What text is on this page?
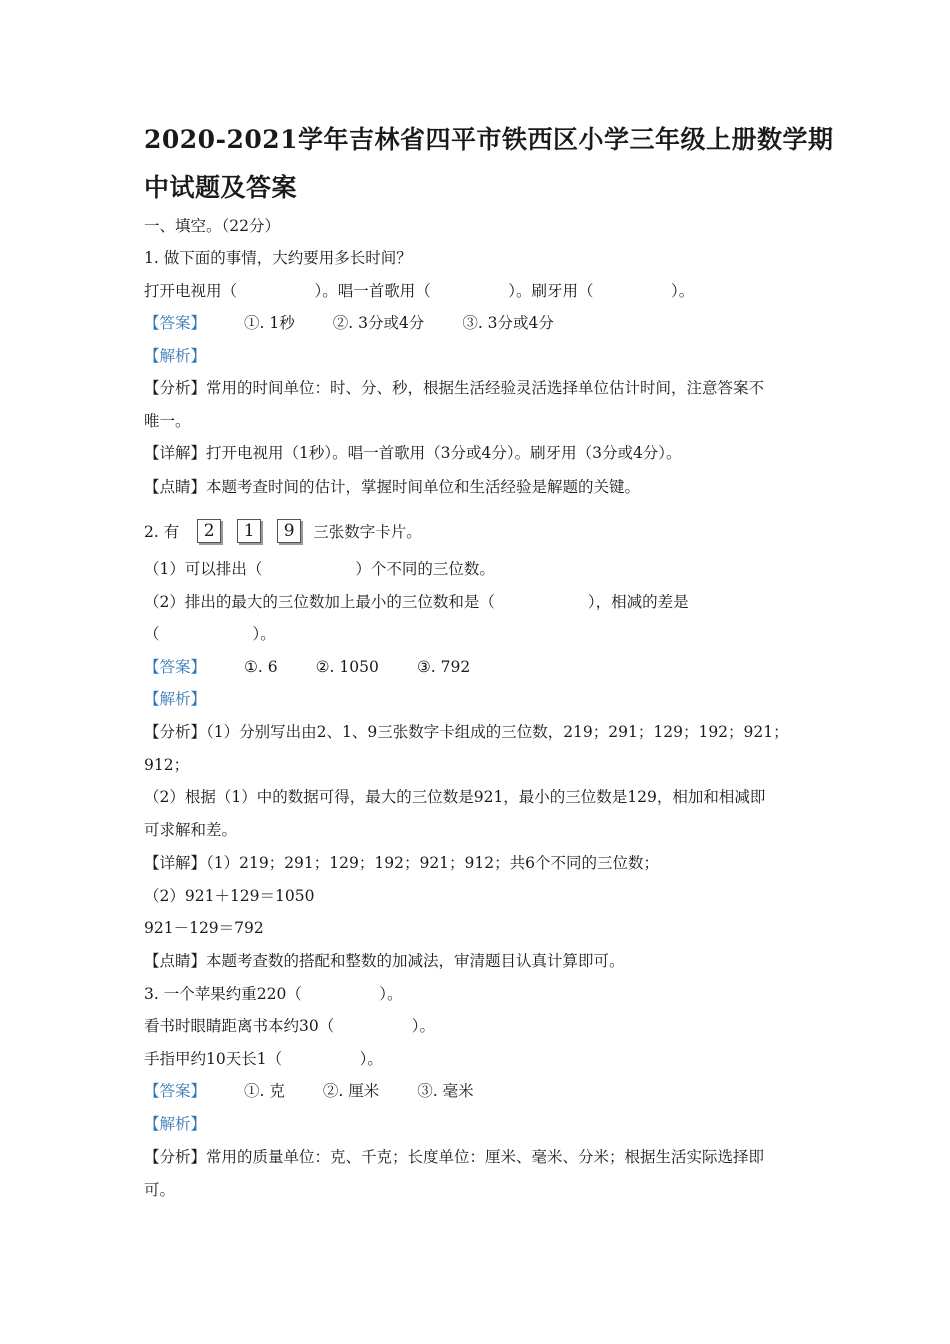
2020-2021学年吉林省四平市铁西区小学三年级上册数学期
中试题及答案
一、填空。（22分）
1. 做下面的事情，大约要用多长时间？
打开电视用（　　　　　）。唱一首歌用（　　　　　）。刷牙用（　　　　　）。
【答案】 ①. 1秒 ②. 3分或4分 ③. 3分或4分
【解析】
【分析】常用的时间单位：时、分、秒，根据生活经验灵活选择单位估计时间，注意答案不
唯一。
【详解】打开电视用（1秒）。唱一首歌用（3分或4分）。刷牙用（3分或4分）。
【点睛】本题考查时间的估计，掌握时间单位和生活经验是解题的关键。
2. 有	2	1	9	三张数字卡片。
（1）可以排出（　　　　　　）个不同的三位数。
（2）排出的最大的三位数加上最小的三位数和是（　　　　　　），相减的差是
（　　　　　　）。
【答案】 ①. 6 ②. 1050 ③. 792
【解析】
【分析】（1）分别写出由2、1、9三张数字卡组成的三位数，219；291；129；192；921；
912；
（2）根据（1）中的数据可得，最大的三位数是921，最小的三位数是129，相加和相减即
可求解和差。
【详解】（1）219；291；129；192；921；912；共6个不同的三位数；
（2）921＋129＝1050
921－129＝792
【点睛】本题考查数的搭配和整数的加减法，审清题目认真计算即可。
3. 一个苹果约重220（　　　　　）。
看书时眼睛距离书本约30（　　　　　）。
手指甲约10天长1（　　　　　）。
【答案】 ①. 克 ②. 厘米 ③. 毫米
【解析】
【分析】常用的质量单位：克、千克；长度单位：厘米、毫米、分米；根据生活实际选择即
可。
